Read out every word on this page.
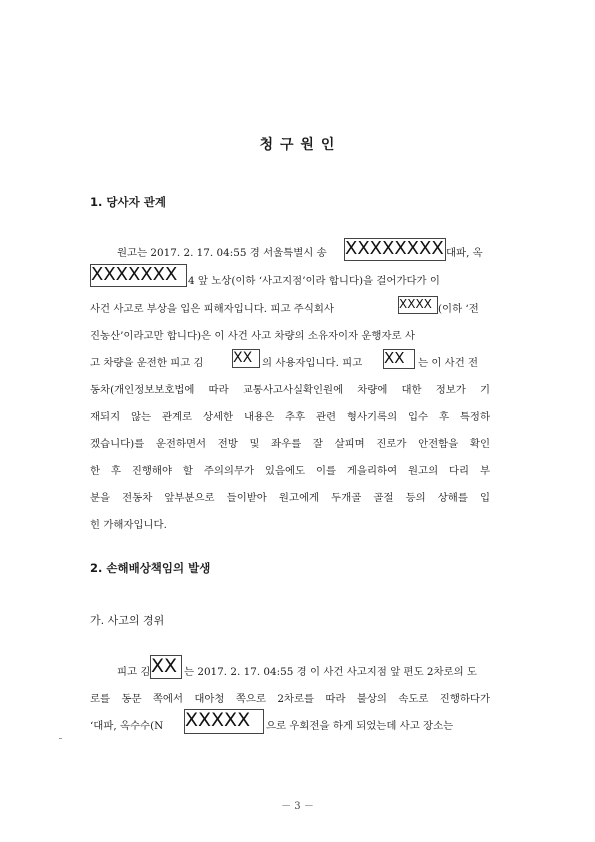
청 구 원 인
1. 당사자 관계
원고는 2017. 2. 17. 04:55 경 서울특별시 송 XXXXXXXX 대파, 옥
XXXXXXX	4 앞 노상(이하 ‘사고지점’이라 합니다)을 걸어가다가 이
사건 사고로 부상을 입은 피해자입니다. 피고 주식회사	XXXX (이하 ‘전
진농산’이라고만 합니다)은 이 사건 사고 차량의 소유자이자 운행자로 사
고 차량을 운전한 피고 김 XX 의 사용자입니다. 피고 XX	는 이 사건 전
동차(개인정보보호법에 따라 교통사고사실확인원에 차량에 대한 정보가 기
재되지 않는 관계로 상세한 내용은 추후 관련 형사기록의 입수 후 특정하
겠습니다)를 운전하면서 전방 및 좌우를 잘 살피며 진로가 안전함을 확인
한 후 진행해야 할 주의의무가 있음에도 이를 게을리하여 원고의 다리 부
분을 전동차 앞부분으로 들이받아 원고에게 두개골 골절 등의 상해를 입
힌 가해자입니다.
2. 손해배상책임의 발생
가. 사고의 경위
피고 김 XX 는 2017. 2. 17. 04:55 경 이 사건 사고지점 앞 편도 2차로의 도
로를 동문 쪽에서 대아청 쪽으로 2차로를 따라 불상의 속도로 진행하다가
‘대파, 옥수수(N XXXXX	으로 우회전을 하게 되었는데 사고 장소는
－ 3 －
